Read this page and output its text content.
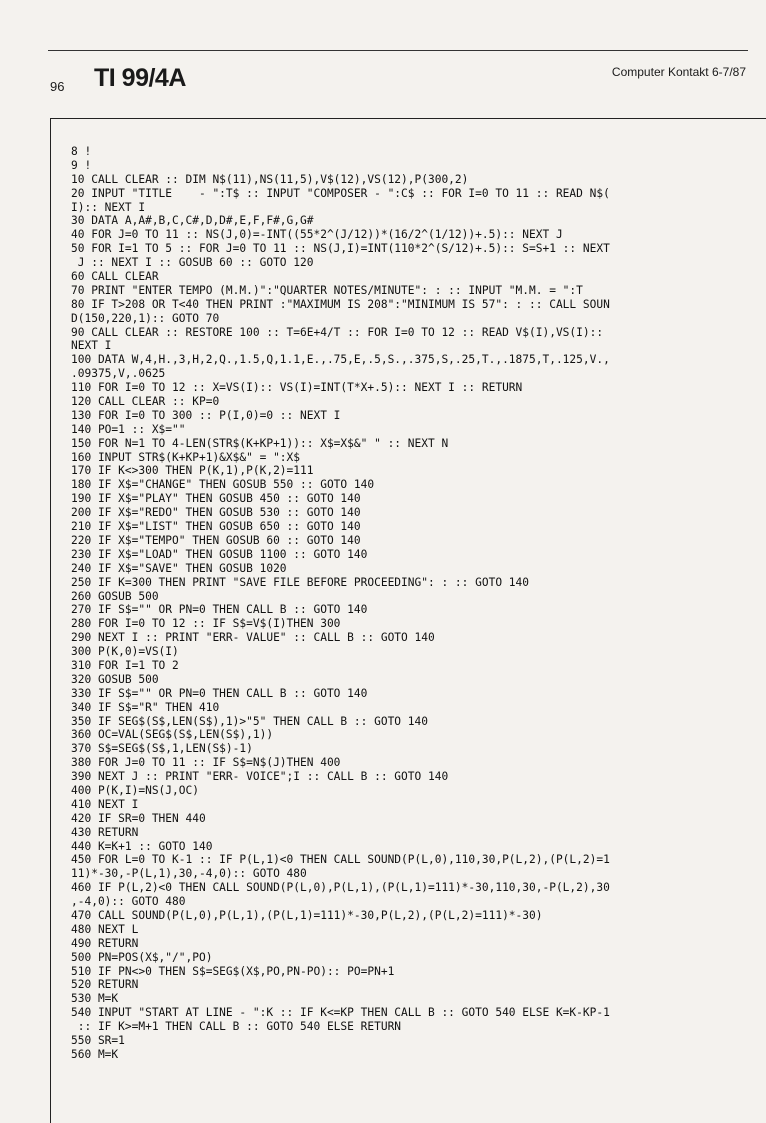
96 TI 99/4A	Computer Kontakt 6-7/87
8 !
9 !
10 CALL CLEAR :: DIM N$(11),NS(11,5),V$(12),VS(12),P(300,2)
20 INPUT "TITLE    - ":T$ :: INPUT "COMPOSER - ":C$ :: FOR I=0 TO 11 :: READ N$(
I):: NEXT I
30 DATA A,A#,B,C,C#,D,D#,E,F,F#,G,G#
40 FOR J=0 TO 11 :: NS(J,0)=-INT((55*2^(J/12))*(16/2^(1/12))+.5):: NEXT J
50 FOR I=1 TO 5 :: FOR J=0 TO 11 :: NS(J,I)=INT(110*2^(S/12)+.5):: S=S+1 :: NEXT
J :: NEXT I :: GOSUB 60 :: GOTO 120
60 CALL CLEAR
70 PRINT "ENTER TEMPO (M.M.)":"QUARTER NOTES/MINUTE": : :: INPUT "M.M. = ":T
80 IF T>208 OR T<40 THEN PRINT :"MAXIMUM IS 208":"MINIMUM IS 57": : :: CALL SOUN
D(150,220,1):: GOTO 70
90 CALL CLEAR :: RESTORE 100 :: T=6E+4/T :: FOR I=0 TO 12 :: READ V$(I),VS(I)::
NEXT I
100 DATA W,4,H.,3,H,2,Q.,1.5,Q,1.1,E.,.75,E,.5,S.,.375,S,.25,T.,.1875,T,.125,V.,
.09375,V,.0625
110 FOR I=0 TO 12 :: X=VS(I):: VS(I)=INT(T*X+.5):: NEXT I :: RETURN
120 CALL CLEAR :: KP=0
130 FOR I=0 TO 300 :: P(I,0)=0 :: NEXT I
140 PO=1 :: X$=""
150 FOR N=1 TO 4-LEN(STR$(K+KP+1)):: X$=X$&" " :: NEXT N
160 INPUT STR$(K+KP+1)&X$&" = ":X$
170 IF K<>300 THEN P(K,1),P(K,2)=111
180 IF X$="CHANGE" THEN GOSUB 550 :: GOTO 140
190 IF X$="PLAY" THEN GOSUB 450 :: GOTO 140
200 IF X$="REDO" THEN GOSUB 530 :: GOTO 140
210 IF X$="LIST" THEN GOSUB 650 :: GOTO 140
220 IF X$="TEMPO" THEN GOSUB 60 :: GOTO 140
230 IF X$="LOAD" THEN GOSUB 1100 :: GOTO 140
240 IF X$="SAVE" THEN GOSUB 1020
250 IF K=300 THEN PRINT "SAVE FILE BEFORE PROCEEDING": : :: GOTO 140
260 GOSUB 500
270 IF S$="" OR PN=0 THEN CALL B :: GOTO 140
280 FOR I=0 TO 12 :: IF S$=V$(I)THEN 300
290 NEXT I :: PRINT "ERR- VALUE" :: CALL B :: GOTO 140
300 P(K,0)=VS(I)
310 FOR I=1 TO 2
320 GOSUB 500
330 IF S$="" OR PN=0 THEN CALL B :: GOTO 140
340 IF S$="R" THEN 410
350 IF SEG$(S$,LEN(S$),1)>"5" THEN CALL B :: GOTO 140
360 OC=VAL(SEG$(S$,LEN(S$),1))
370 S$=SEG$(S$,1,LEN(S$)-1)
380 FOR J=0 TO 11 :: IF S$=N$(J)THEN 400
390 NEXT J :: PRINT "ERR- VOICE";I :: CALL B :: GOTO 140
400 P(K,I)=NS(J,OC)
410 NEXT I
420 IF SR=0 THEN 440
430 RETURN
440 K=K+1 :: GOTO 140
450 FOR L=0 TO K-1 :: IF P(L,1)<0 THEN CALL SOUND(P(L,0),110,30,P(L,2),(P(L,2)=1
11)*-30,-P(L,1),30,-4,0):: GOTO 480
460 IF P(L,2)<0 THEN CALL SOUND(P(L,0),P(L,1),(P(L,1)=111)*-30,110,30,-P(L,2),30
,-4,0):: GOTO 480
470 CALL SOUND(P(L,0),P(L,1),(P(L,1)=111)*-30,P(L,2),(P(L,2)=111)*-30)
480 NEXT L
490 RETURN
500 PN=POS(X$,"/",PO)
510 IF PN<>0 THEN S$=SEG$(X$,PO,PN-PO):: PO=PN+1
520 RETURN
530 M=K
540 INPUT "START AT LINE - ":K :: IF K<=KP THEN CALL B :: GOTO 540 ELSE K=K-KP-1
:: IF K>=M+1 THEN CALL B :: GOTO 540 ELSE RETURN
550 SR=1
560 M=K
